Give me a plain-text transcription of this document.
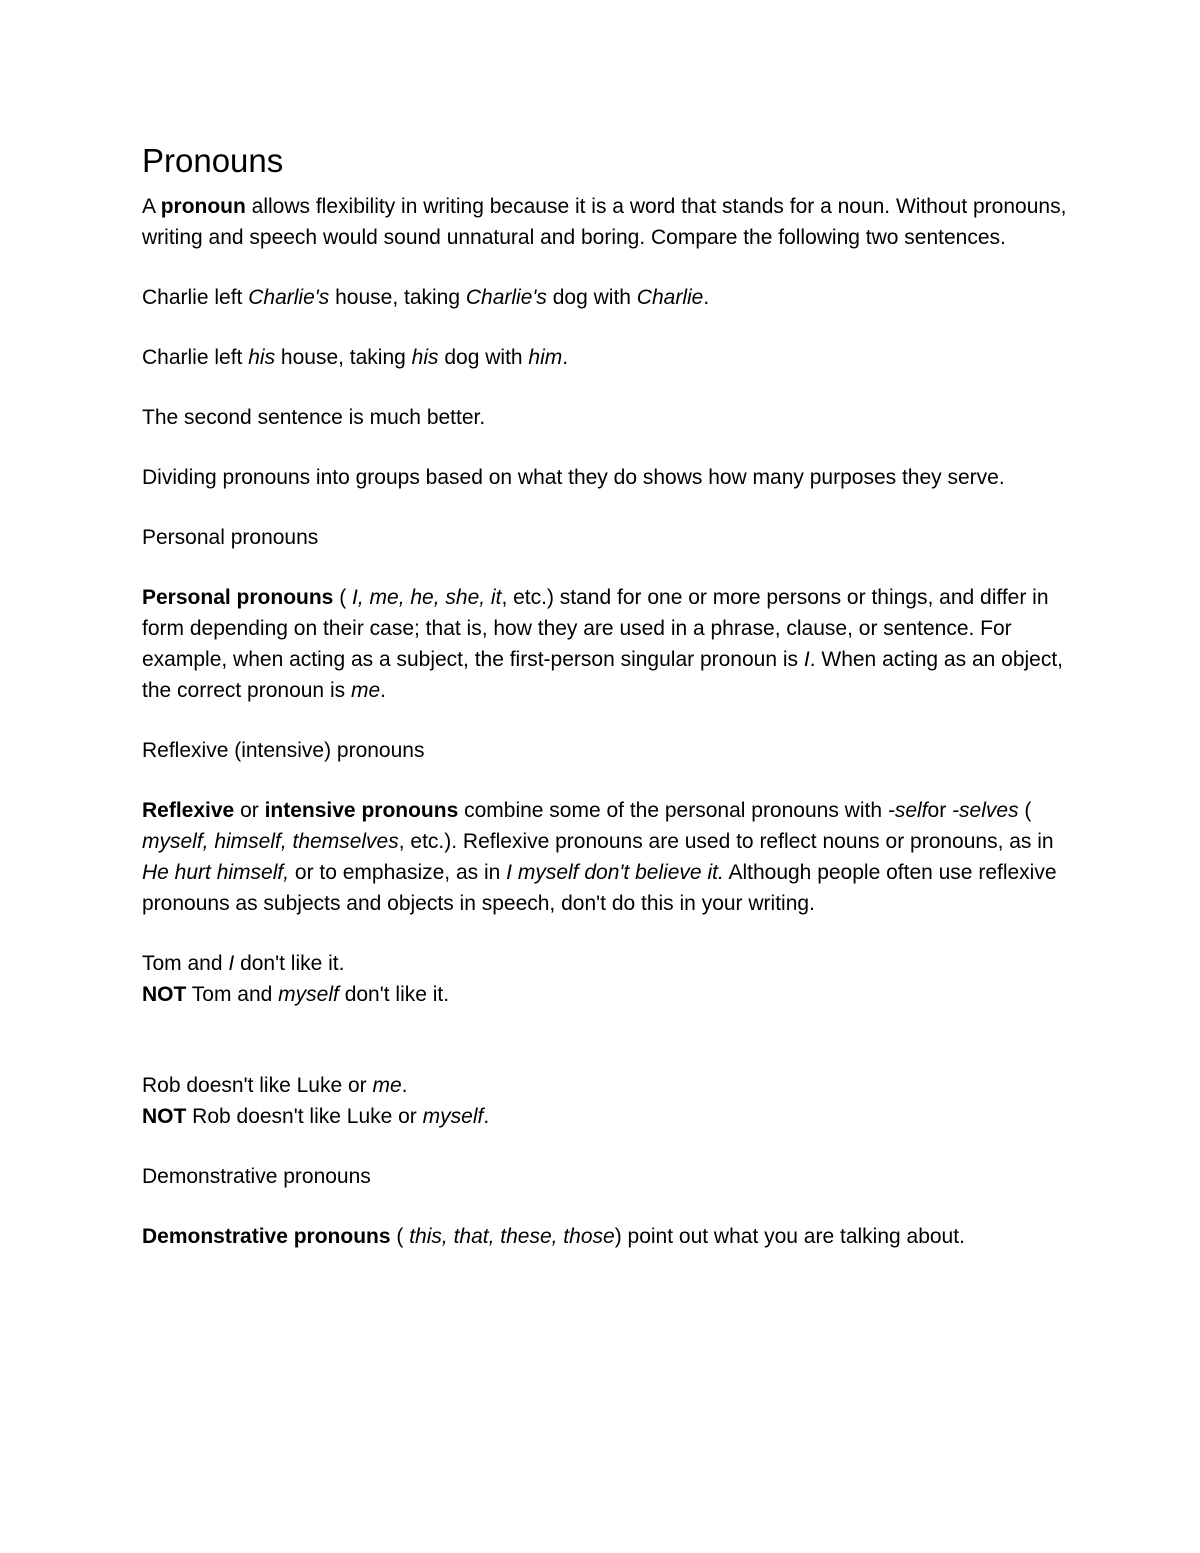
Pronouns

A pronoun allows flexibility in writing because it is a word that stands for a noun. Without pronouns, writing and speech would sound unnatural and boring. Compare the following two sentences.

Charlie left Charlie's house, taking Charlie's dog with Charlie.

Charlie left his house, taking his dog with him.

The second sentence is much better.

Dividing pronouns into groups based on what they do shows how many purposes they serve.

Personal pronouns

Personal pronouns ( I, me, he, she, it, etc.) stand for one or more persons or things, and differ in form depending on their case; that is, how they are used in a phrase, clause, or sentence. For example, when acting as a subject, the first-person singular pronoun is I. When acting as an object, the correct pronoun is me.

Reflexive (intensive) pronouns

Reflexive or intensive pronouns combine some of the personal pronouns with -selfor -selves ( myself, himself, themselves, etc.). Reflexive pronouns are used to reflect nouns or pronouns, as in He hurt himself, or to emphasize, as in I myself don't believe it. Although people often use reflexive pronouns as subjects and objects in speech, don't do this in your writing.

Tom and I don't like it.

NOT Tom and myself don't like it.

Rob doesn't like Luke or me.

NOT Rob doesn't like Luke or myself.

Demonstrative pronouns

Demonstrative pronouns ( this, that, these, those) point out what you are talking about.
